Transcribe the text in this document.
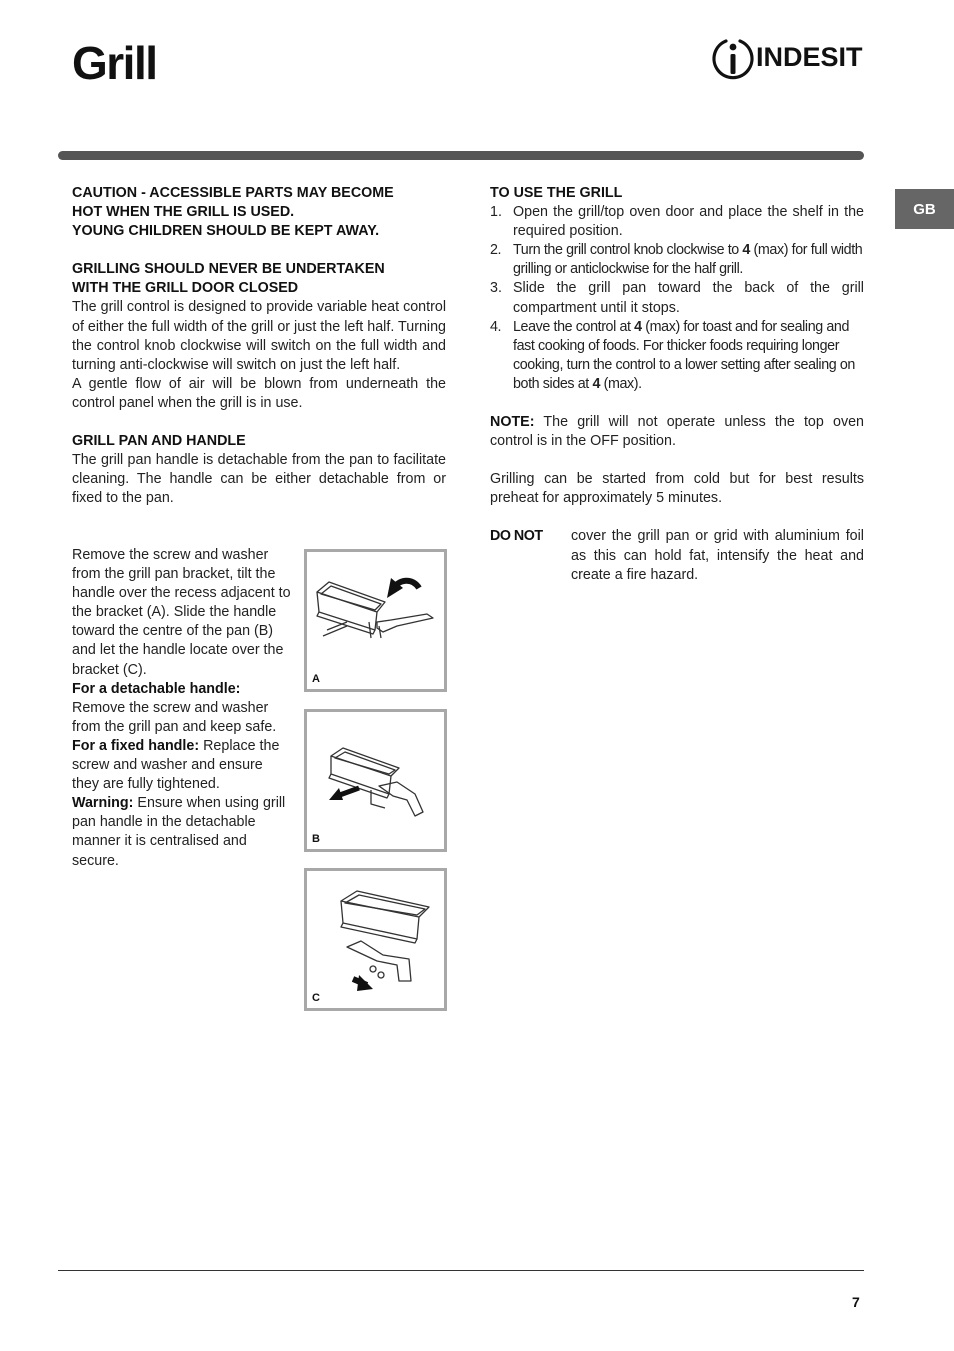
Grill	INDESIT
GB
CAUTION - ACCESSIBLE PARTS MAY BECOME
HOT WHEN THE GRILL IS USED.
YOUNG CHILDREN SHOULD BE KEPT AWAY.
GRILLING SHOULD NEVER BE UNDERTAKEN
WITH THE GRILL DOOR CLOSED
The grill control is designed to provide variable heat control of either the full width of the grill or just the left half. Turning the control knob clockwise will switch on the full width and turning anti-clockwise will switch on just the left half.
A gentle flow of air will be blown from underneath the control panel when the grill is in use.
GRILL PAN AND HANDLE
The grill pan handle is detachable from the pan to facilitate cleaning. The handle can be either detachable from or fixed to the pan.
Remove the screw and washer from the grill pan bracket, tilt the handle over the recess adjacent to the bracket (A). Slide the handle toward the centre of the pan (B) and let the handle locate over the bracket (C).
For a detachable handle:
Remove the screw and washer from the grill pan and keep safe.
For a fixed handle: Replace the screw and washer and ensure they are fully tightened.
Warning: Ensure when using grill pan handle in the detachable manner it is centralised and secure.
A
B
C
TO USE THE GRILL
1. Open the grill/top oven door and place the shelf in the required position.
2. Turn the grill control knob clockwise to 4 (max) for full width grilling or anticlockwise for the half grill.
3. Slide the grill pan toward the back of the grill compartment until it stops.
4. Leave the control at 4 (max) for toast and for sealing and fast cooking of foods. For thicker foods requiring longer cooking, turn the control to a lower setting after sealing on both sides at 4 (max).
NOTE: The grill will not operate unless the top oven control is in the OFF position.
Grilling can be started from cold but for best results preheat for approximately 5 minutes.
DO NOT	cover the grill pan or grid with aluminium foil as this can hold fat, intensify the heat and create a fire hazard.
7
